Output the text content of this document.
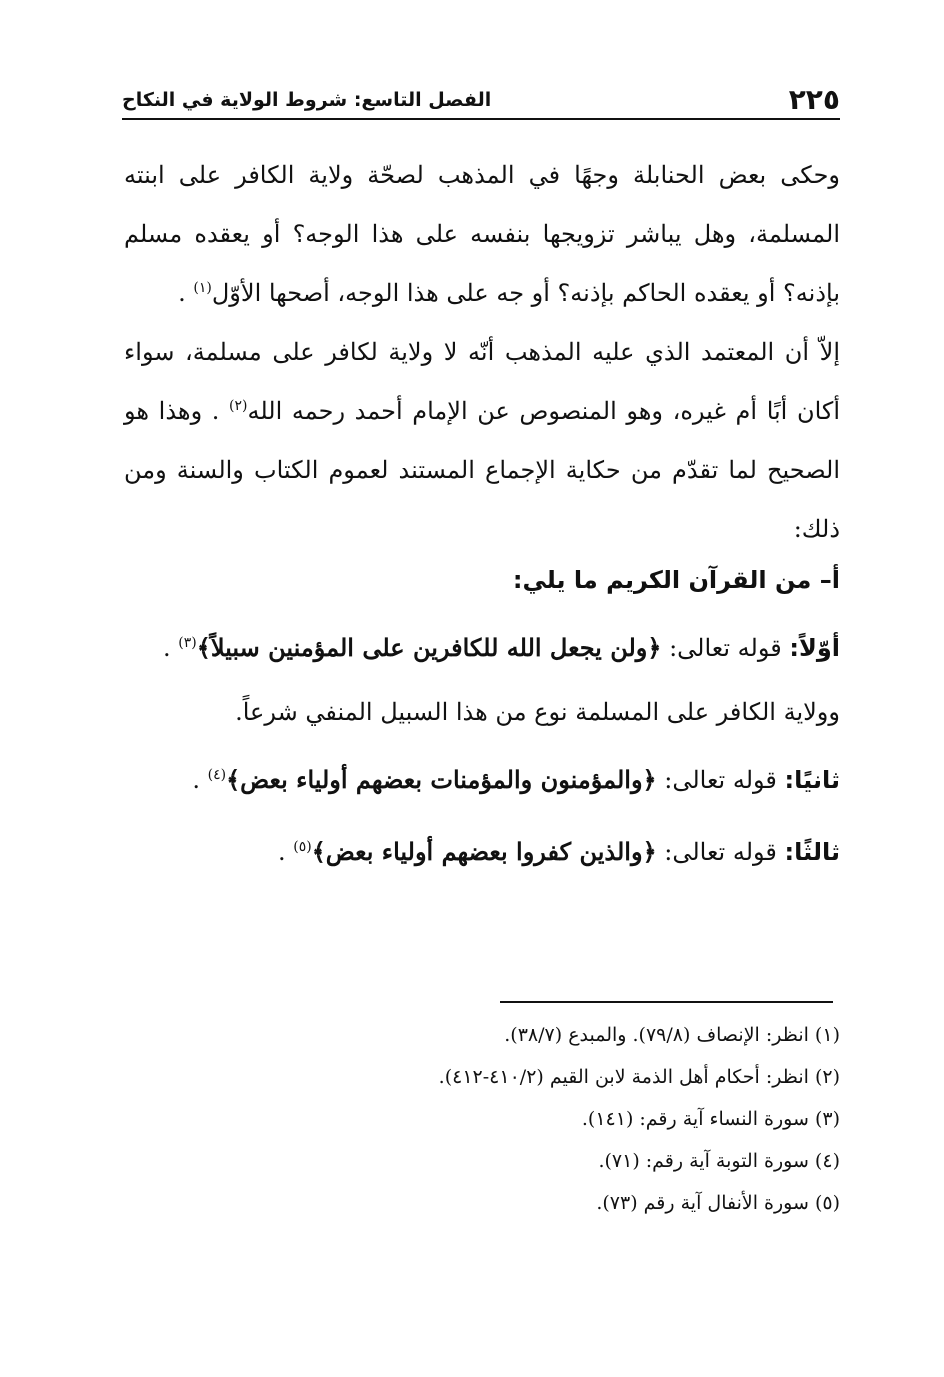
٢٢٥
الفصل التاسع: شروط الولاية في النكاح

وحكى بعض الحنابلة وجهًا في المذهب لصحّة ولاية الكافر على ابنته المسلمة، وهل يباشر تزويجها بنفسه على هذا الوجه؟ أو يعقده مسلم بإذنه؟ أو يعقده الحاكم بإذنه؟ أو جه على هذا الوجه، أصحها الأوّل$^{(١)}$ .

إلاّ أن المعتمد الذي عليه المذهب أنّه لا ولاية لكافر على مسلمة، سواء أكان أبًا أم غيره، وهو المنصوص عن الإمام أحمد رحمه الله$^{(٢)}$ . وهذا هو الصحيح لما تقدّم من حكاية الإجماع المستند لعموم الكتاب والسنة ومن ذلك:

أ– من القرآن الكريم ما يلي:
أوّلاً: قوله تعالى: ﴿ولن يجعل الله للكافرين على المؤمنين سبيلاً﴾$^{(٣)}$ .
وولاية الكافر على المسلمة نوع من هذا السبيل المنفي شرعاً.
ثانيًا: قوله تعالى: ﴿والمؤمنون والمؤمنات بعضهم أولياء بعض﴾$^{(٤)}$ .
ثالثًا: قوله تعالى: ﴿والذين كفروا بعضهم أولياء بعض﴾$^{(٥)}$ .
(١) انظر: الإنصاف (٧٩/٨). والمبدع (٣٨/٧).
(٢) انظر: أحكام أهل الذمة لابن القيم (٤١٠/٢-٤١٢).
(٣) سورة النساء آية رقم: (١٤١).
(٤) سورة التوبة آية رقم: (٧١).
(٥) سورة الأنفال آية رقم (٧٣).
